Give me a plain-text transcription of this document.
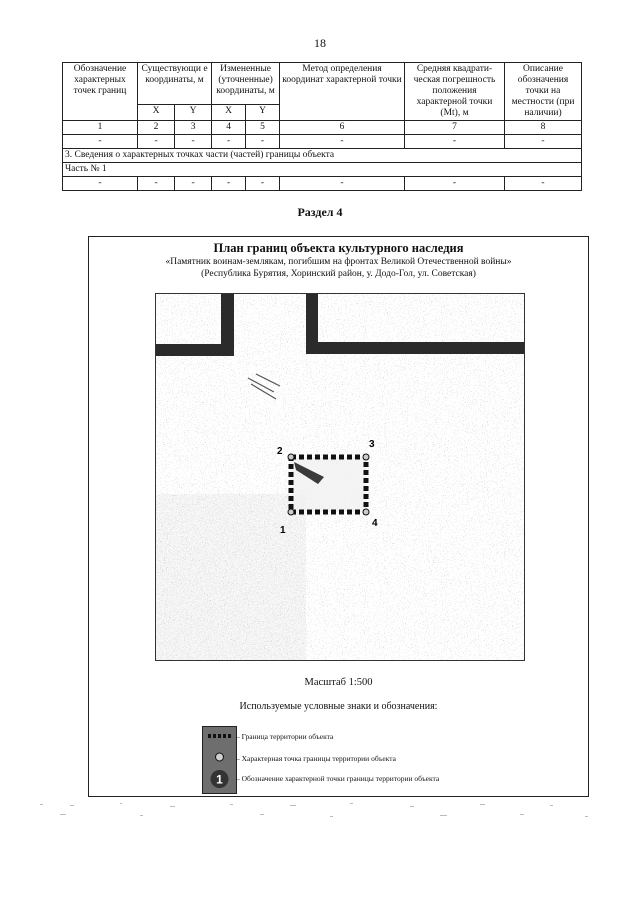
18
Обозначение характерных точек границ	Существующи е координаты, м		Измененные (уточненные) координаты, м		Метод определения координат характерной точки	Средняя квадрати-ческая погрешность положения характерной точки (Mt), м	Описание обозначения точки на местности (при наличии)
	X	Y	X	Y			
1	2	3	4	5	6	7	8
-	-	-	-	-	-	-	-
3. Сведения о характерных точках части (частей) границы объекта							
Часть № 1							
-	-	-	-	-	-	-	-
Раздел 4
План границ объекта культурного наследия
«Памятник воинам-землякам, погибшим на фронтах Великой Отечественной войны»
(Республика Бурятия, Хоринский район, у. Додо-Гол, ул. Советская)
1
2
3
4
Масштаб 1:500
Используемые условные знаки и обозначения:
1
– Граница территории объекта
– Характерная точка границы территории объекта
– Обозначение характерной точки границы территории объекта
